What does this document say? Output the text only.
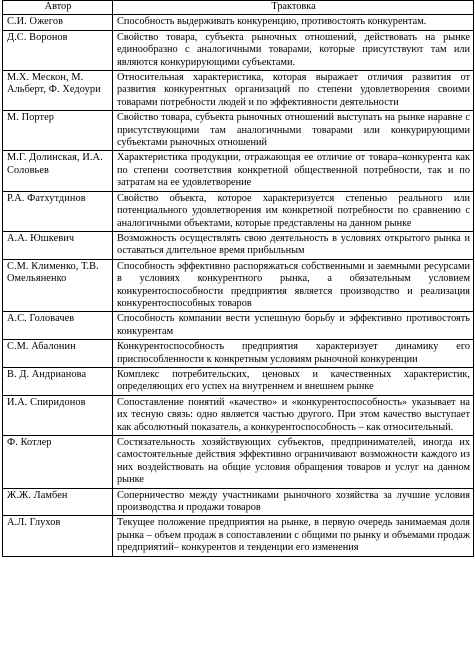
Автор	Трактовка
С.И. Ожегов	Способность выдерживать конкуренцию, противостоять конкурентам.
Д.С. Воронов	Свойство товара, субъекта рыночных отношений, действовать на рынке единообразно с аналогичными товарами, которые присутствуют там или являются конкурирующими субъектами.
М.Х. Мескон, М. Альберт, Ф. Хедоури	Относительная характеристика, которая выражает отличия развития от развития конкурентных организаций по степени удовлетворения своими товарами потребности людей и по эффективности деятельности
М. Портер	Свойство товара, субъекта рыночных отношений выступать на рынке наравне с присутствующими там аналогичными товарами или конкурирующими субъектами рыночных отношений
М.Г. Долинская, И.А. Соловьев	Характеристика продукции, отражающая ее отличие от товара–конкурента как по степени соответствия конкретной общественной потребности, так и по затратам на ее удовлетворение
Р.А. Фатхутдинов	Свойство объекта, которое характеризуется степенью реального или потенциального удовлетворения им конкретной потребности по сравнению с аналогичными объектами, которые представлены на данном рынке
А.А. Юшкевич	Возможность осуществлять свою деятельность в условиях открытого рынка и оставаться длительное время прибыльным
С.М. Клименко, Т.В. Омельяненко	Способность эффективно распоряжаться собственными и заемными ресурсами в условиях конкурентного рынка, а обязательным условием конкурентоспособности предприятия является производство и реализация конкурентоспособных товаров
А.С. Головачев	Способность компании вести успешную борьбу и эффективно противостоять конкурентам
С.М. Абалонин	Конкурентоспособность предприятия характеризует динамику его приспособленности к конкретным условиям рыночной конкуренции
В. Д. Андрианова	Комплекс потребительских, ценовых и качественных характеристик, определяющих его успех на внутреннем и внешнем рынке
И.А. Спиридонов	Сопоставление понятий «качество» и «конкурентоспособность» указывает на их тесную связь: одно является частью другого. При этом качество выступает как абсолютный показатель, а конкурентоспособность – как относительный.
Ф. Котлер	Состязательность хозяйствующих субъектов, предпринимателей, иногда их самостоятельные действия эффективно ограничивают возможности каждого из них воздействовать на общие условия обращения товаров и услуг на данном рынке
Ж.Ж. Ламбен	Соперничество между участниками рыночного хозяйства за лучшие условия производства и продажи товаров
А.Л. Глухов	Текущее положение предприятия на рынке, в первую очередь занимаемая доля рынка – объем продаж в сопоставлении с общими по рынку и объемами продаж предприятий– конкурентов и тенденции его изменения
